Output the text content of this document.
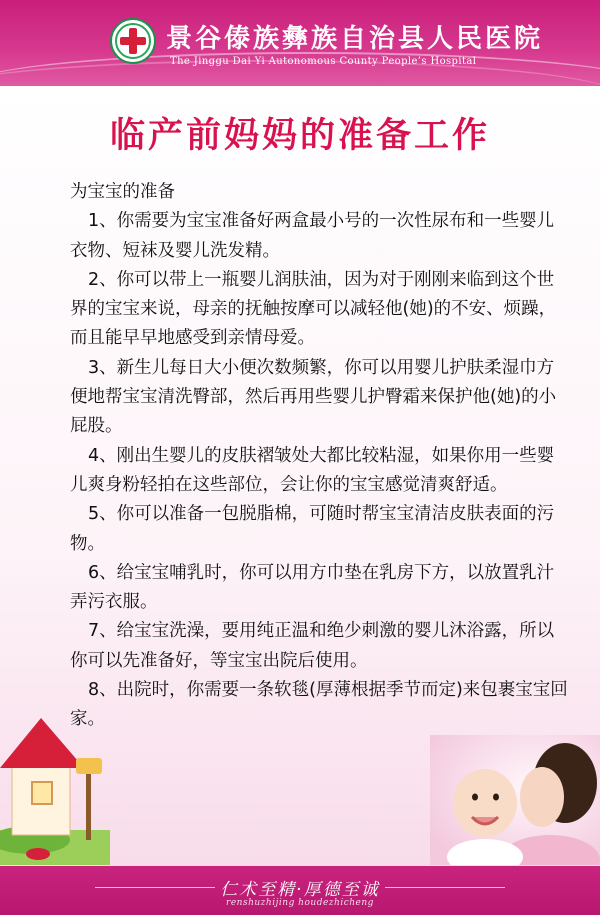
景谷傣族彝族自治县人民医院
The Jinggu Dai Yi Autonomous County People’s Hospital
临产前妈妈的准备工作

为宝宝的准备

1、你需要为宝宝准备好两盒最小号的一次性尿布和一些婴儿衣物、短袜及婴儿洗发精。

2、你可以带上一瓶婴儿润肤油，因为对于刚刚来临到这个世界的宝宝来说，母亲的抚触按摩可以减轻他(她)的不安、烦躁，而且能早早地感受到亲情母爱。

3、新生儿每日大小便次数频繁，你可以用婴儿护肤柔湿巾方便地帮宝宝清洗臀部，然后再用些婴儿护臀霜来保护他(她)的小屁股。

4、刚出生婴儿的皮肤褶皱处大都比较粘湿，如果你用一些婴儿爽身粉轻拍在这些部位，会让你的宝宝感觉清爽舒适。

5、你可以准备一包脱脂棉，可随时帮宝宝清洁皮肤表面的污物。

6、给宝宝哺乳时，你可以用方巾垫在乳房下方，以放置乳汁弄污衣服。

7、给宝宝洗澡，要用纯正温和绝少刺激的婴儿沐浴露，所以你可以先准备好，等宝宝出院后使用。

8、出院时，你需要一条软毯(厚薄根据季节而定)来包裹宝宝回家。

仁术至精·厚德至诚
renshuzhijing houdezhicheng
